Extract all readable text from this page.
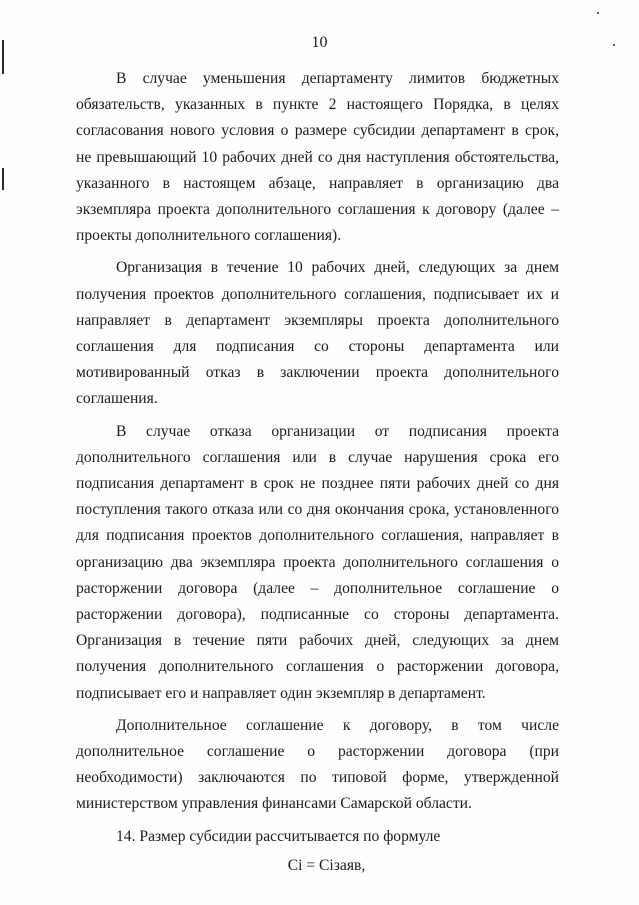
10

В случае уменьшения департаменту лимитов бюджетных обязательств, указанных в пункте 2 настоящего Порядка, в целях согласования нового условия о размере субсидии департамент в срок, не превышающий 10 рабочих дней со дня наступления обстоятельства, указанного в настоящем абзаце, направляет в организацию два экземпляра проекта дополнительного соглашения к договору (далее – проекты дополнительного соглашения).

Организация в течение 10 рабочих дней, следующих за днем получения проектов дополнительного соглашения, подписывает их и направляет в департамент экземпляры проекта дополнительного соглашения для подписания со стороны департамента или мотивированный отказ в заключении проекта дополнительного соглашения.

В случае отказа организации от подписания проекта дополнительного соглашения или в случае нарушения срока его подписания департамент в срок не позднее пяти рабочих дней со дня поступления такого отказа или со дня окончания срока, установленного для подписания проектов дополнительного соглашения, направляет в организацию два экземпляра проекта дополнительного соглашения о расторжении договора (далее – дополнительное соглашение о расторжении договора), подписанные со стороны департамента. Организация в течение пяти рабочих дней, следующих за днем получения дополнительного соглашения о расторжении договора, подписывает его и направляет один экземпляр в департамент.

Дополнительное соглашение к договору, в том числе дополнительное соглашение о расторжении договора (при необходимости) заключаются по типовой форме, утвержденной министерством управления финансами Самарской области.

14. Размер субсидии рассчитывается по формуле

Ci = Ciзаяв,
